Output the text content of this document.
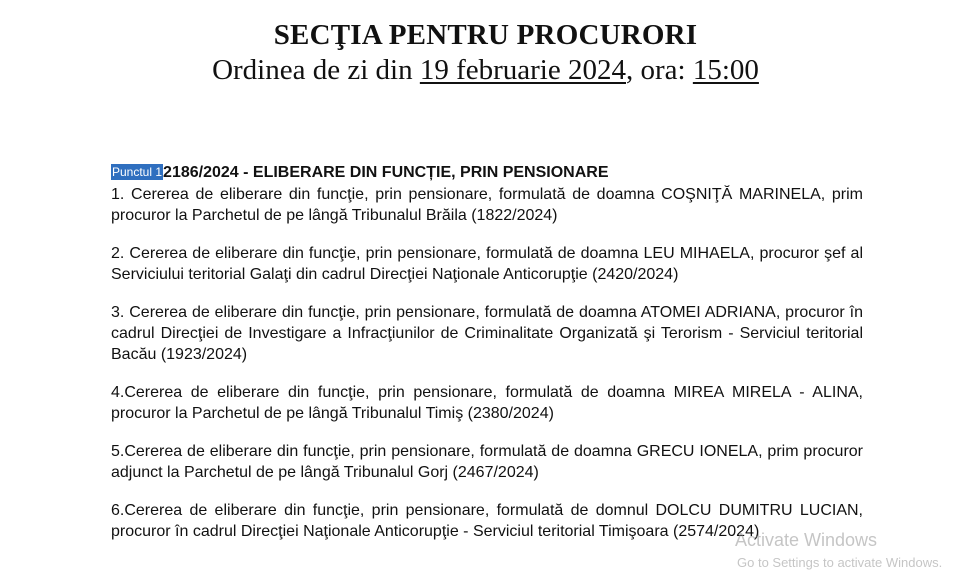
SECŢIA PENTRU PROCURORI
Ordinea de zi din 19 februarie 2024, ora: 15:00
Punctul 12186/2024 - ELIBERARE DIN FUNCȚIE, PRIN PENSIONARE
1. Cererea de eliberare din funcţie, prin pensionare, formulată de doamna COŞNIŢĂ MARINELA, prim procuror la Parchetul de pe lângă Tribunalul Brăila (1822/2024)
2. Cererea de eliberare din funcţie, prin pensionare, formulată de doamna LEU MIHAELA, procuror şef al Serviciului teritorial Galaţi din cadrul Direcţiei Naţionale Anticorupţie (2420/2024)
3. Cererea de eliberare din funcţie, prin pensionare, formulată de doamna ATOMEI ADRIANA, procuror în cadrul Direcţiei de Investigare a Infracţiunilor de Criminalitate Organizată şi Terorism - Serviciul teritorial Bacău (1923/2024)
4.Cererea de eliberare din funcţie, prin pensionare, formulată de doamna MIREA MIRELA - ALINA, procuror la Parchetul de pe lângă Tribunalul Timiş (2380/2024)
5.Cererea de eliberare din funcţie, prin pensionare, formulată de doamna GRECU IONELA, prim procuror adjunct la Parchetul de pe lângă Tribunalul Gorj (2467/2024)
6.Cererea de eliberare din funcţie, prin pensionare, formulată de domnul DOLCU DUMITRU LUCIAN, procuror în cadrul Direcţiei Naţionale Anticorupţie - Serviciul teritorial Timişoara (2574/2024)
Activate Windows
Go to Settings to activate Windows.
